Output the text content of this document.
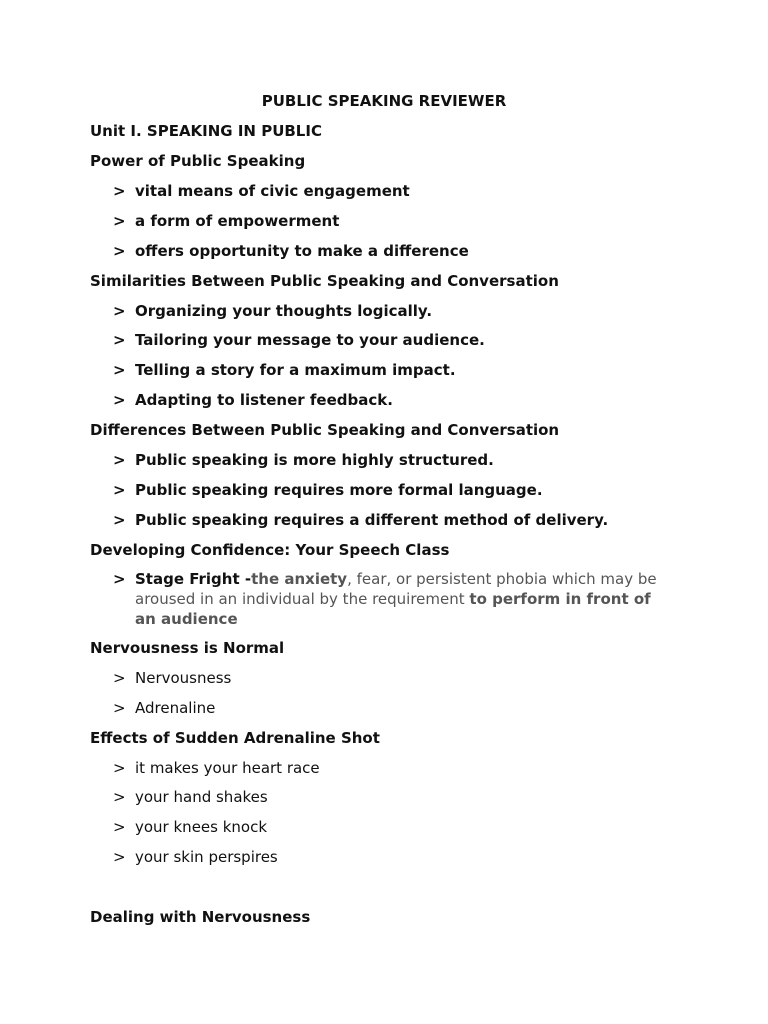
PUBLIC SPEAKING REVIEWER
Unit I. SPEAKING IN PUBLIC
Power of Public Speaking
> vital means of civic engagement
> a form of empowerment
> offers opportunity to make a difference
Similarities Between Public Speaking and Conversation
> Organizing your thoughts logically.
> Tailoring your message to your audience.
> Telling a story for a maximum impact.
> Adapting to listener feedback.
Differences Between Public Speaking and Conversation
> Public speaking is more highly structured.
> Public speaking requires more formal language.
> Public speaking requires a different method of delivery.
Developing Confidence: Your Speech Class
> Stage Fright -the anxiety, fear, or persistent phobia which may be aroused in an individual by the requirement to perform in front of an audience
Nervousness is Normal
> Nervousness
> Adrenaline
Effects of Sudden Adrenaline Shot
> it makes your heart race
> your hand shakes
> your knees knock
> your skin perspires
Dealing with Nervousness
